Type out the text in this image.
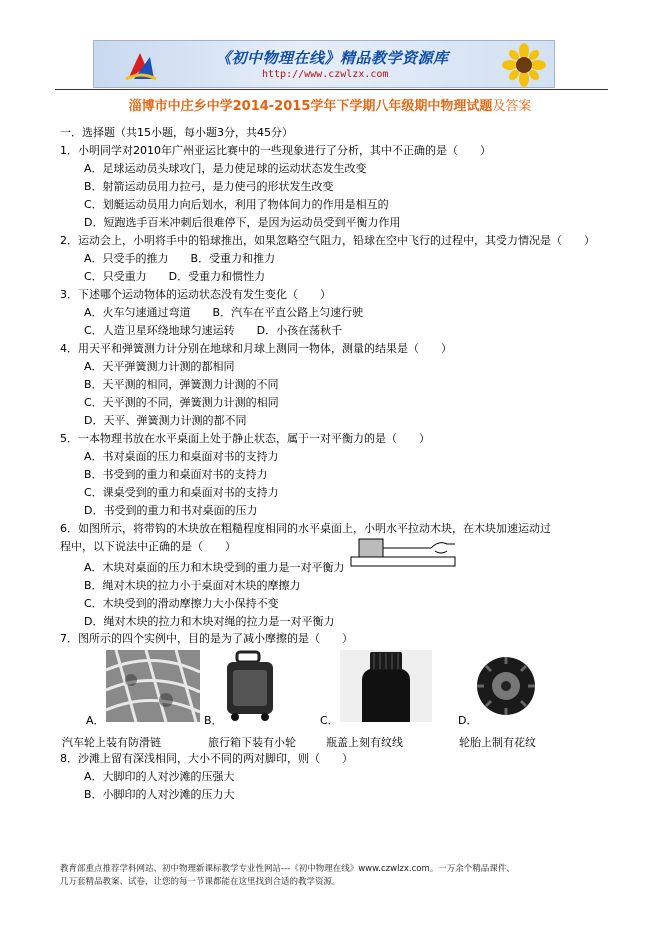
《初中物理在线》精品教学资源库
http://www.czwlzx.com
淄博市中庄乡中学2014-2015学年下学期八年级期中物理试题及答案
一．选择题（共15小题，每小题3分，共45分）
1．小明同学对2010年广州亚运比赛中的一些现象进行了分析，其中不正确的是（　　）
A．足球运动员头球攻门，是力使足球的运动状态发生改变
B．射箭运动员用力拉弓，是力使弓的形状发生改变
C．划艇运动员用力向后划水，利用了物体间力的作用是相互的
D．短跑选手百米冲刺后很难停下，是因为运动员受到平衡力作用
2．运动会上，小明将手中的铅球推出，如果忽略空气阻力，铅球在空中飞行的过程中，其受力情况是（　　）
A．只受手的推力　　B．受重力和推力
C．只受重力　　D．受重力和惯性力
3．下述哪个运动物体的运动状态没有发生变化（　　）
A．火车匀速通过弯道　　B．汽车在平直公路上匀速行驶
C．人造卫星环绕地球匀速运转　　D．小孩在荡秋千
4．用天平和弹簧测力计分别在地球和月球上测同一物体，测量的结果是（　　）
A．天平弹簧测力计测的都相同
B．天平测的相同，弹簧测力计测的不同
C．天平测的不同，弹簧测力计测的相同
D．天平、弹簧测力计测的都不同
5．一本物理书放在水平桌面上处于静止状态，属于一对平衡力的是（　　）
A．书对桌面的压力和桌面对书的支持力
B．书受到的重力和桌面对书的支持力
C．课桌受到的重力和桌面对书的支持力
D．书受到的重力和书对桌面的压力
6．如图所示，将带钩的木块放在粗糙程度相同的水平桌面上，小明水平拉动木块，在木块加速运动过
程中，以下说法中正确的是（　　）
A．木块对桌面的压力和木块受到的重力是一对平衡力
B．绳对木块的拉力小于桌面对木块的摩擦力
C．木块受到的滑动摩擦力大小保持不变
D．绳对木块的拉力和木块对绳的拉力是一对平衡力
7．图所示的四个实例中，目的是为了减小摩擦的是（　　）
A．	B．	C．	D．
汽车轮上装有防滑链	旅行箱下装有小轮	瓶盖上刻有纹线	轮胎上制有花纹
8．沙滩上留有深浅相同，大小不同的两对脚印，则（　　）
A．大脚印的人对沙滩的压强大
B．小脚印的人对沙滩的压力大
教育部重点推荐学科网站、初中物理新课标教学专业性网站---《初中物理在线》www.czwlzx.com。一万余个精品课件、
几万套精品教案、试卷，让您的每一节课都能在这里找到合适的教学资源。
